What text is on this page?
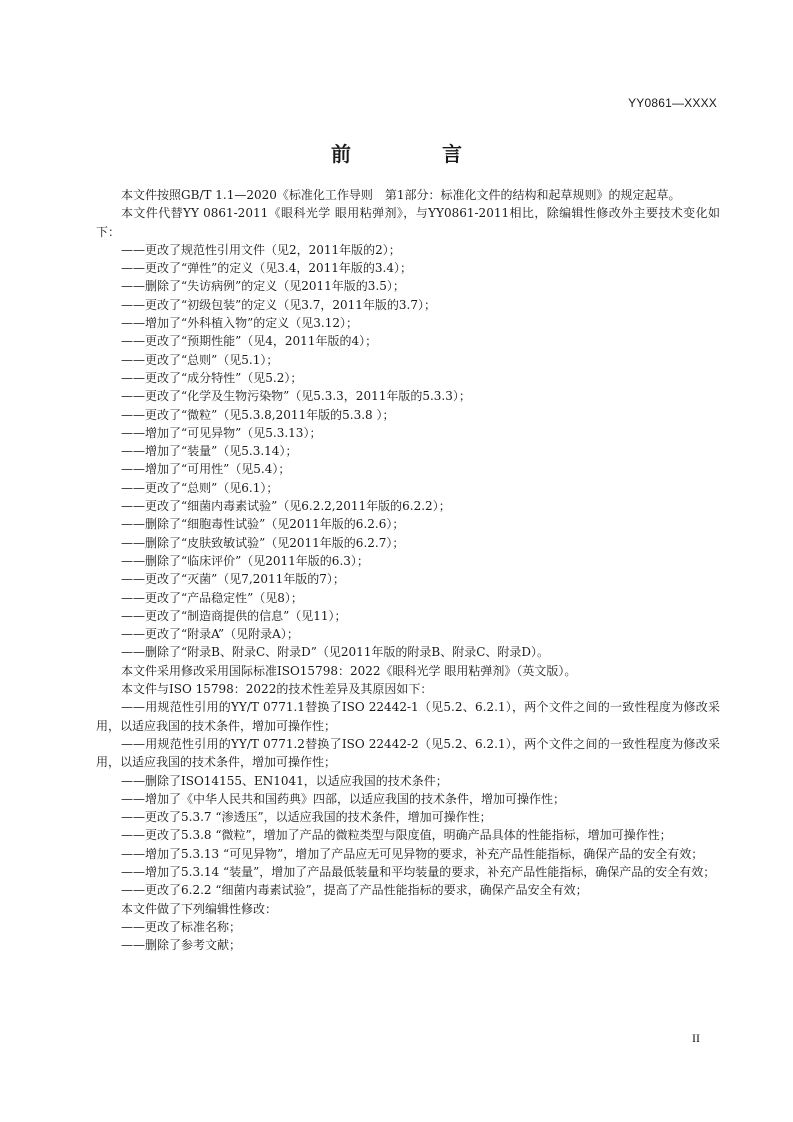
YY0861—XXXX
前 言

本文件按照GB/T 1.1—2020《标准化工作导则　第1部分：标准化文件的结构和起草规则》的规定起草。

本文件代替YY 0861-2011《眼科光学 眼用粘弹剂》，与YY0861-2011相比，除编辑性修改外主要技术变化如下：

——更改了规范性引用文件（见2，2011年版的2）；

——更改了“弹性”的定义（见3.4，2011年版的3.4）；

——删除了“失访病例”的定义（见2011年版的3.5）；

——更改了“初级包装”的定义（见3.7，2011年版的3.7）；

——增加了“外科植入物”的定义（见3.12）；

——更改了“预期性能”（见4，2011年版的4）；

——更改了“总则”（见5.1）；

——更改了“成分特性”（见5.2）；

——更改了“化学及生物污染物”（见5.3.3，2011年版的5.3.3）；

——更改了“微粒”（见5.3.8,2011年版的5.3.8 ）；

——增加了“可见异物”（见5.3.13）；

——增加了“装量”（见5.3.14）；

——增加了“可用性”（见5.4）；

——更改了“总则”（见6.1）；

——更改了“细菌内毒素试验”（见6.2.2,2011年版的6.2.2）；

——删除了“细胞毒性试验”（见2011年版的6.2.6）；

——删除了“皮肤致敏试验”（见2011年版的6.2.7）；

——删除了“临床评价”（见2011年版的6.3）；

——更改了“灭菌”（见7,2011年版的7）；

——更改了“产品稳定性”（见8）；

——更改了“制造商提供的信息”（见11）；

——更改了“附录A”（见附录A）；

——删除了“附录B、附录C、附录D”（见2011年版的附录B、附录C、附录D）。

本文件采用修改采用国际标准ISO15798：2022《眼科光学 眼用粘弹剂》（英文版）。

本文件与ISO 15798：2022的技术性差异及其原因如下：

——用规范性引用的YY/T 0771.1替换了ISO 22442-1（见5.2、6.2.1），两个文件之间的一致性程度为修改采用，以适应我国的技术条件，增加可操作性；

——用规范性引用的YY/T 0771.2替换了ISO 22442-2（见5.2、6.2.1），两个文件之间的一致性程度为修改采用，以适应我国的技术条件，增加可操作性；

——删除了ISO14155、EN1041，以适应我国的技术条件；

——增加了《中华人民共和国药典》四部，以适应我国的技术条件，增加可操作性；

——更改了5.3.7 “渗透压”，以适应我国的技术条件，增加可操作性；

——更改了5.3.8 “微粒”，增加了产品的微粒类型与限度值，明确产品具体的性能指标，增加可操作性；

——增加了5.3.13 “可见异物”，增加了产品应无可见异物的要求，补充产品性能指标，确保产品的安全有效；

——增加了5.3.14 “装量”，增加了产品最低装量和平均装量的要求，补充产品性能指标，确保产品的安全有效；

——更改了6.2.2 “细菌内毒素试验”，提高了产品性能指标的要求，确保产品安全有效；

本文件做了下列编辑性修改：

——更改了标准名称；

——删除了参考文献；

II
